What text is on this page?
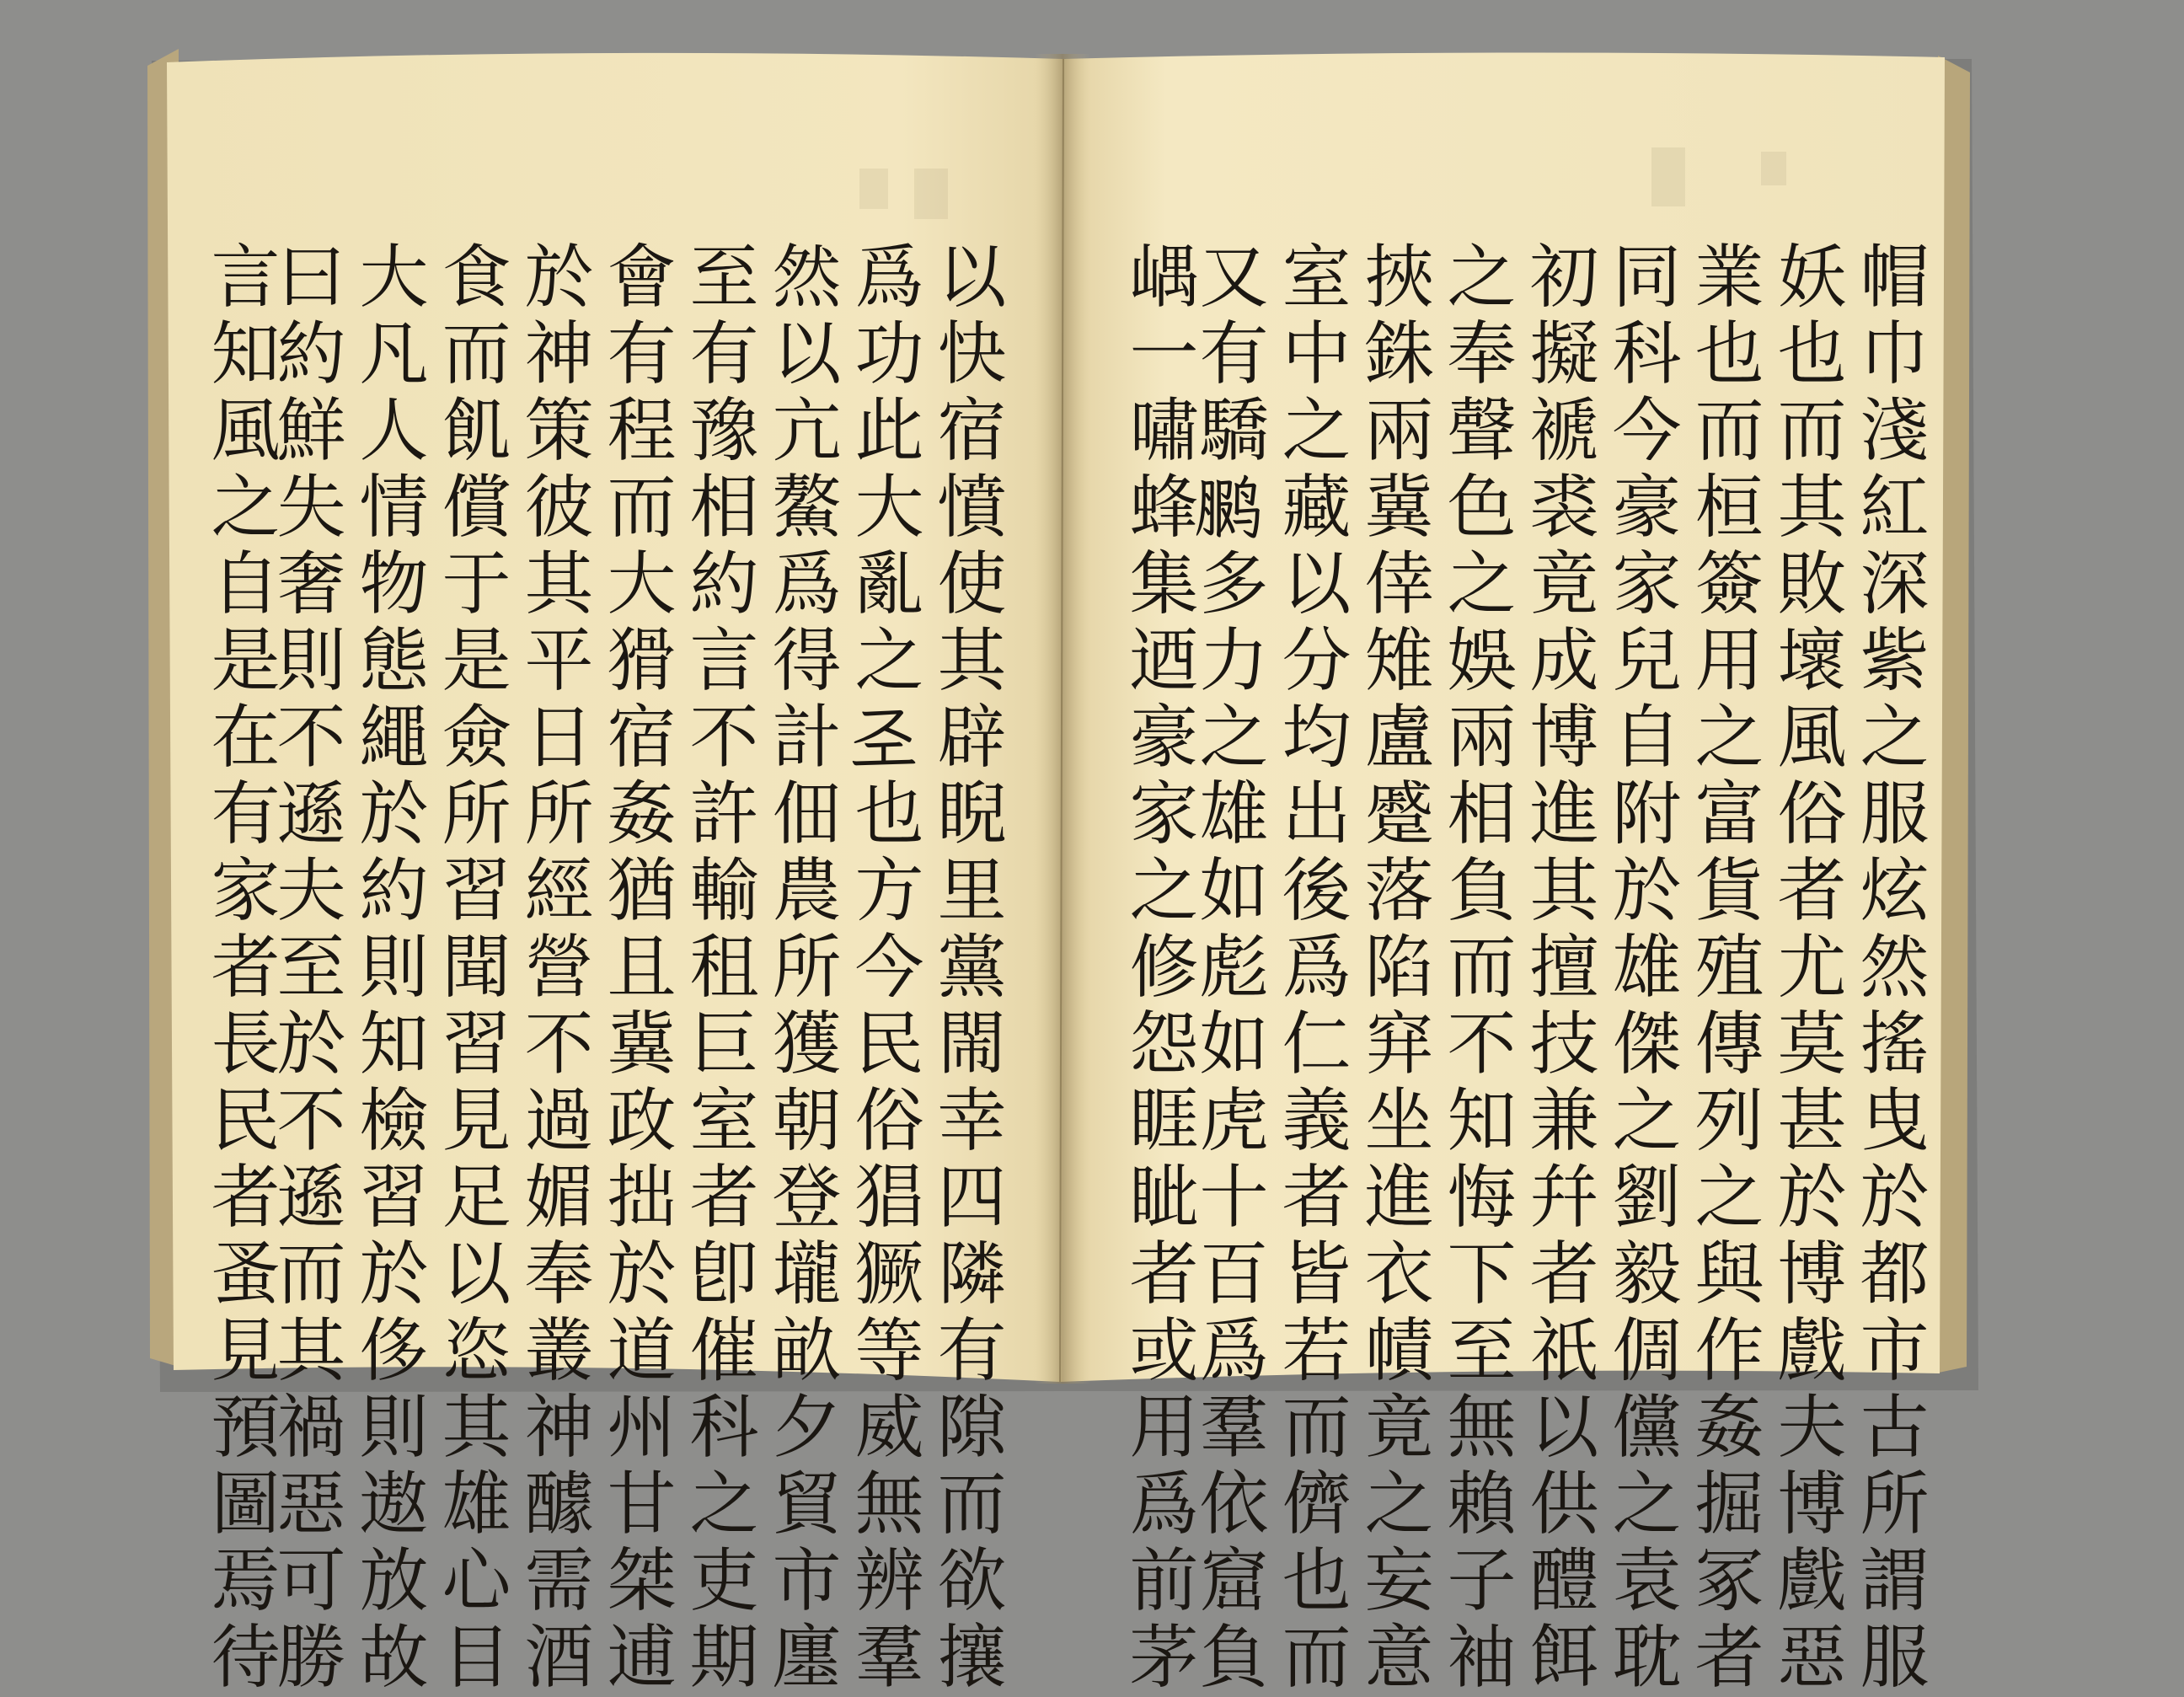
以快宿憤使其辟睨里黨閙幸四隣有隙而欲攘
爲功此大亂之𢀖也方今民俗猖獗等威無辨羣
然以亢鰲爲得計佃農所獲朝登壠畝夕貿市廛
至有豫相約言不許輸租巨室者卽催科之吏期
會有程而大猾宿姦猶且冀政拙於道州甘桀逋
於神策彼其平日所經營不過媚奉叢神醵需酒
食而飢償于是僉所習聞習見足以恣其雄心目
大凡人情物態繩於約則知檢習於侈則遨放故
曰約鮮失奢則不遜夫至於不遜而其禍惡可勝
言知風之自是在有家者長民者蚤見預圖焉待	帽巾淺紅深紫之服炫然搖曳於都市古所謂服
妖也而其敗壞風俗者尤莫甚於博戲夫博戲惡
業也而桓簽用之富貨殖傳列之與作姦掘冢者
同科今豪家兒自附於雄傑之劉毅倜儻之袁耽
初擬褫裘竟成博進其擅技兼幷者祇以供醴餌
之奉聲色之娛兩相負而不知悔下至無賴子袖
挾銖兩冀倖雉盧蹙落陷穽坐進衣幘竟之妄意
室中之藏以分均出後爲仁義者皆若而儕也而
又有驕𫛳多力之雄如彪如虎十百爲羣依窟負
嵎一嘯蜂集迺豪家之修怨睚眦者或用爲前茅
